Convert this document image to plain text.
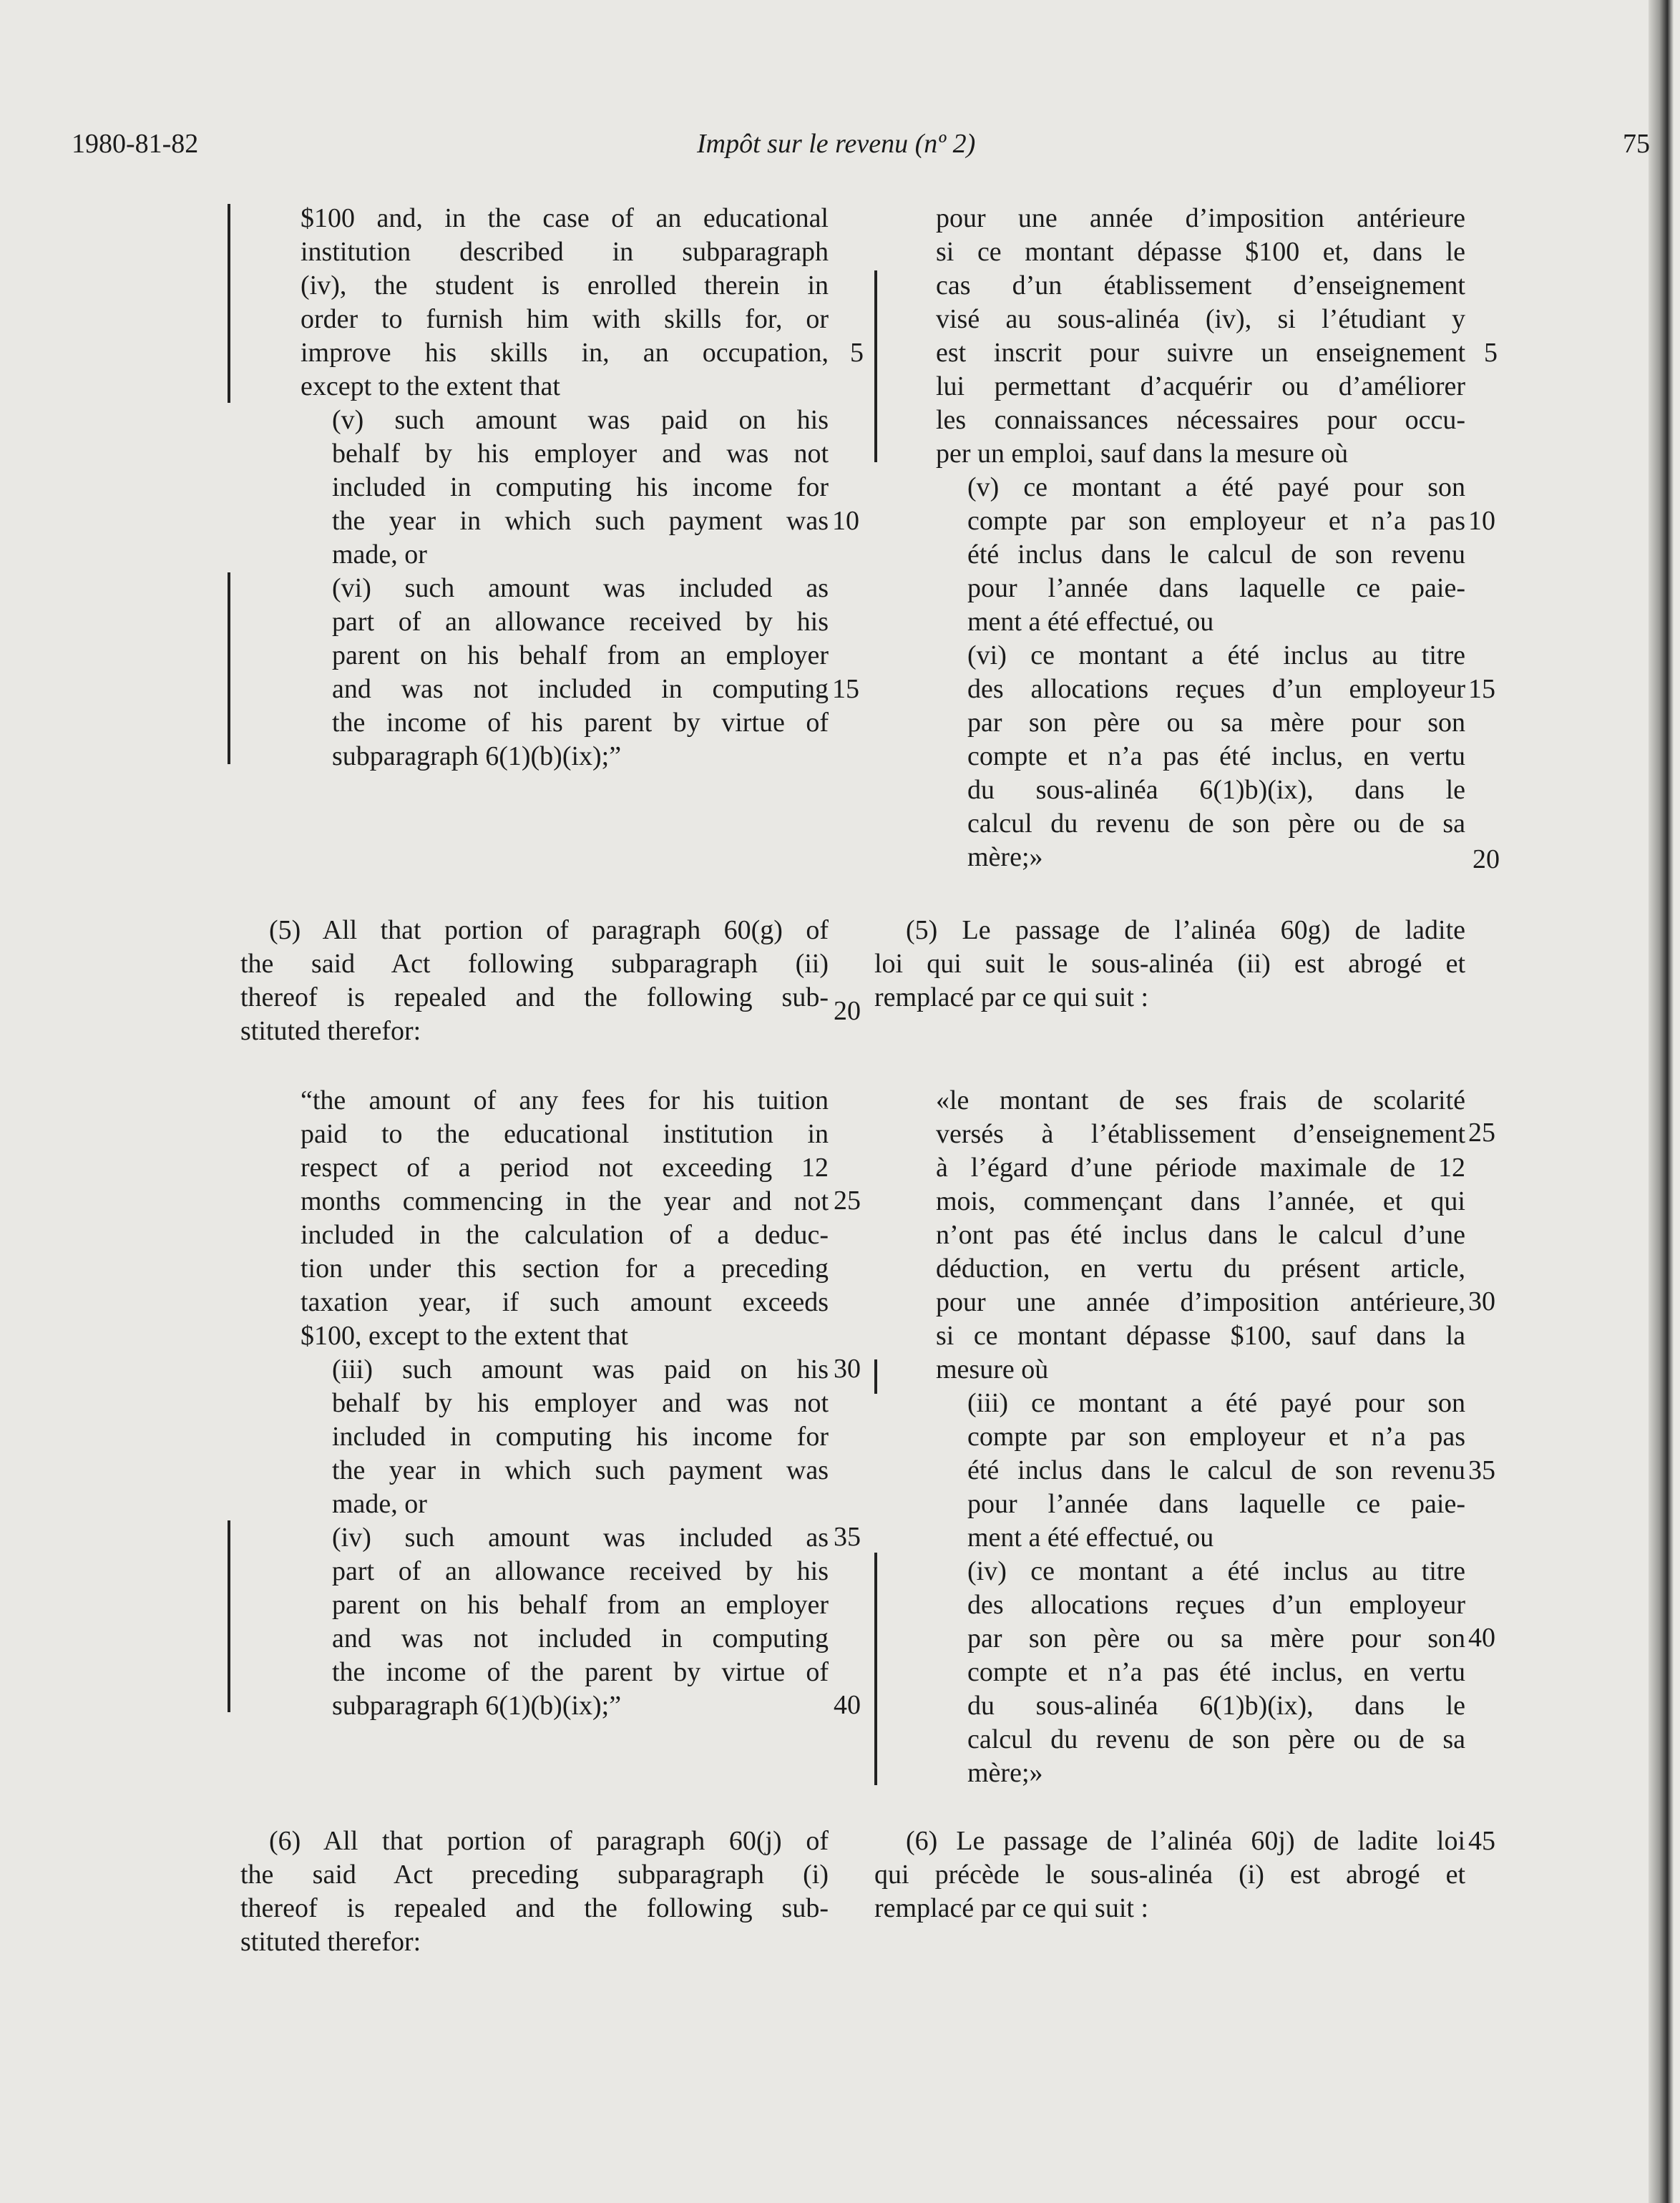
1980-81-82	Impôt sur le revenu (nº 2)	75
$100 and, in the case of an educational
institution described in subparagraph
(iv), the student is enrolled therein in
order to furnish him with skills for, or
improve his skills in, an occupation,
except to the extent that
(v) such amount was paid on his
behalf by his employer and was not
included in computing his income for
the year in which such payment was
made, or
(vi) such amount was included as
part of an allowance received by his
parent on his behalf from an employer
and was not included in computing
the income of his parent by virtue of
subparagraph 6(1)(b)(ix);”
(5) All that portion of paragraph 60(g) of
the said Act following subparagraph (ii)
thereof is repealed and the following sub-
stituted therefor:
“the amount of any fees for his tuition
paid to the educational institution in
respect of a period not exceeding 12
months commencing in the year and not
included in the calculation of a deduc-
tion under this section for a preceding
taxation year, if such amount exceeds
$100, except to the extent that
(iii) such amount was paid on his
behalf by his employer and was not
included in computing his income for
the year in which such payment was
made, or
(iv) such amount was included as
part of an allowance received by his
parent on his behalf from an employer
and was not included in computing
the income of the parent by virtue of
subparagraph 6(1)(b)(ix);”
(6) All that portion of paragraph 60(j) of
the said Act preceding subparagraph (i)
thereof is repealed and the following sub-
stituted therefor:
pour une année d’imposition antérieure
si ce montant dépasse $100 et, dans le
cas d’un établissement d’enseignement
visé au sous-alinéa (iv), si l’étudiant y
est inscrit pour suivre un enseignement
lui permettant d’acquérir ou d’améliorer
les connaissances nécessaires pour occu-
per un emploi, sauf dans la mesure où
(v) ce montant a été payé pour son
compte par son employeur et n’a pas
été inclus dans le calcul de son revenu
pour l’année dans laquelle ce paie-
ment a été effectué, ou
(vi) ce montant a été inclus au titre
des allocations reçues d’un employeur
par son père ou sa mère pour son
compte et n’a pas été inclus, en vertu
du sous-alinéa 6(1)b)(ix), dans le
calcul du revenu de son père ou de sa
mère;»
(5) Le passage de l’alinéa 60g) de ladite
loi qui suit le sous-alinéa (ii) est abrogé et
remplacé par ce qui suit :
«le montant de ses frais de scolarité
versés à l’établissement d’enseignement
à l’égard d’une période maximale de 12
mois, commençant dans l’année, et qui
n’ont pas été inclus dans le calcul d’une
déduction, en vertu du présent article,
pour une année d’imposition antérieure,
si ce montant dépasse $100, sauf dans la
mesure où
(iii) ce montant a été payé pour son
compte par son employeur et n’a pas
été inclus dans le calcul de son revenu
pour l’année dans laquelle ce paie-
ment a été effectué, ou
(iv) ce montant a été inclus au titre
des allocations reçues d’un employeur
par son père ou sa mère pour son
compte et n’a pas été inclus, en vertu
du sous-alinéa 6(1)b)(ix), dans le
calcul du revenu de son père ou de sa
mère;»
(6) Le passage de l’alinéa 60j) de ladite loi
qui précède le sous-alinéa (i) est abrogé et
remplacé par ce qui suit :
5
10
15
20
25
30
35
40
5
10
15
20
25
30
35
40
45
